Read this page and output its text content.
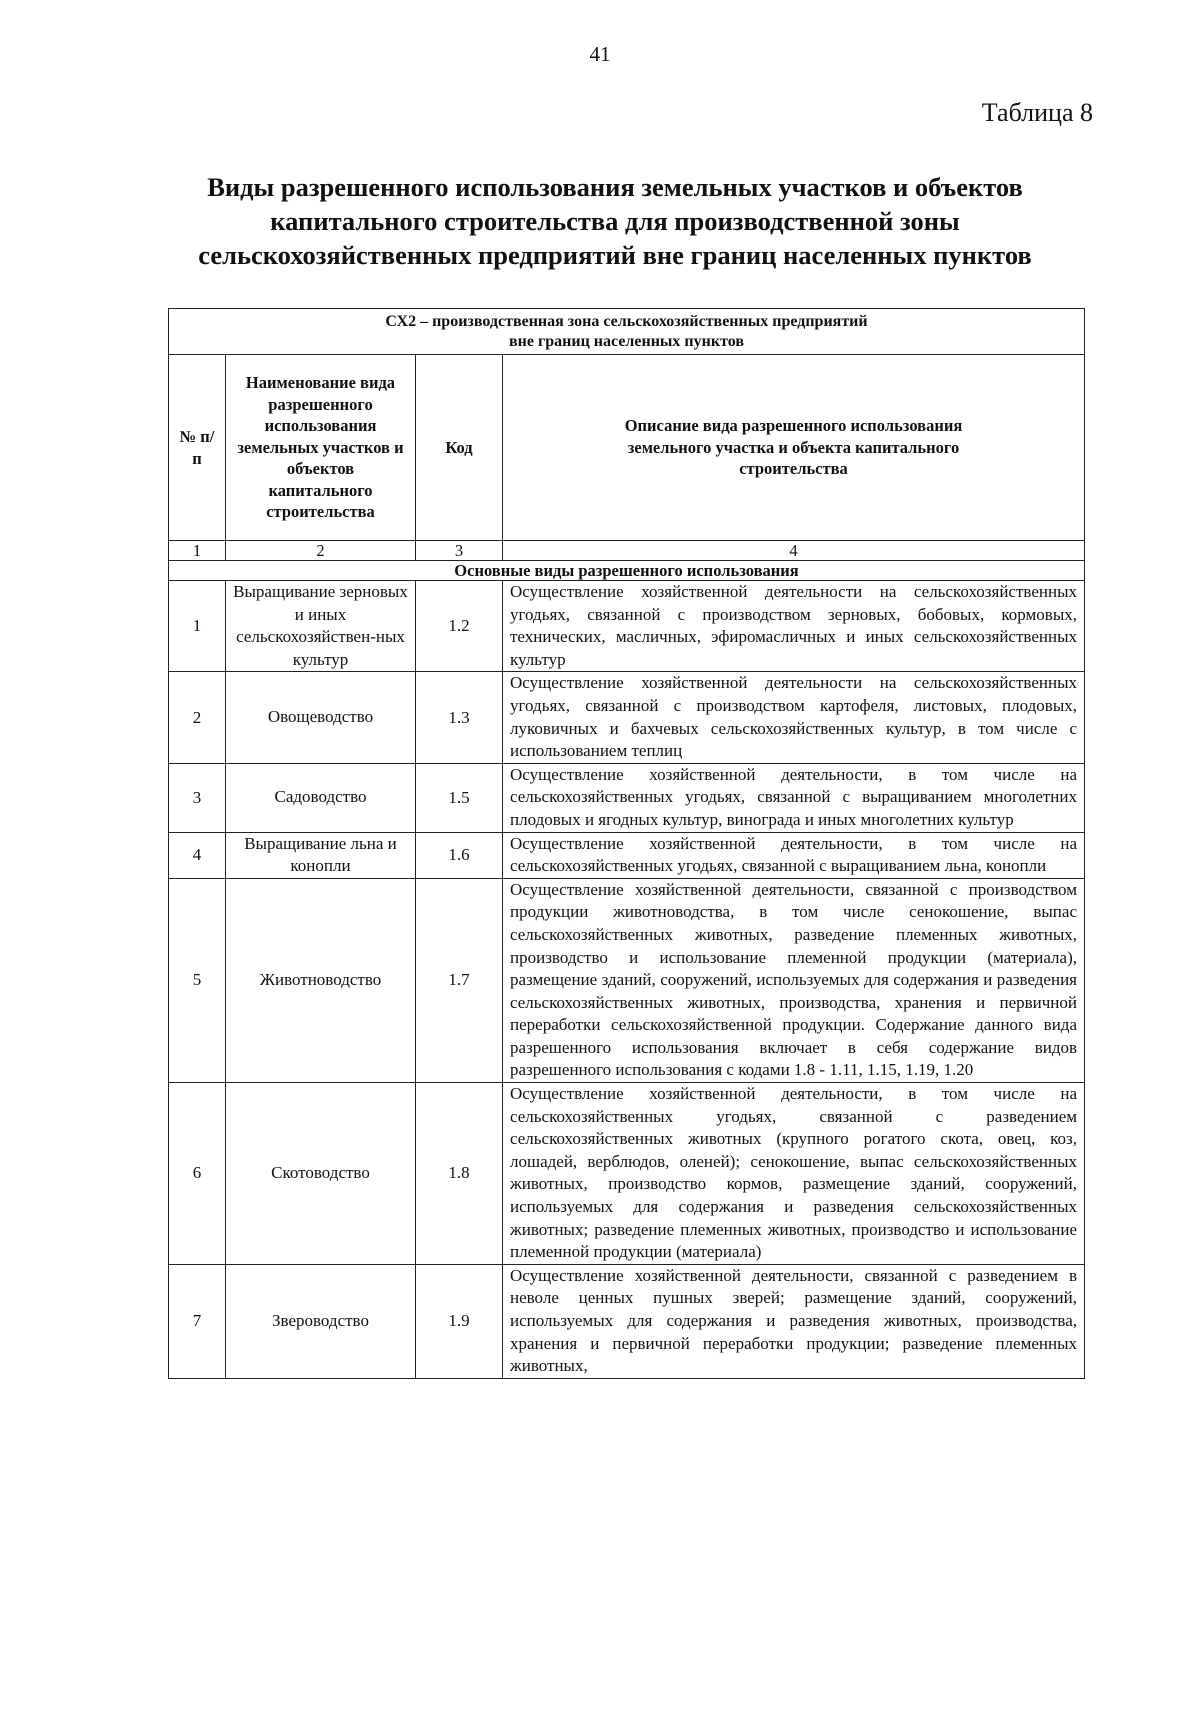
41
Таблица 8
Виды разрешенного использования земельных участков и объектов
капитального строительства для производственной зоны
сельскохозяйственных предприятий вне границ населенных пунктов
СХ2 – производственная зона сельскохозяйственных предприятий
вне границ населенных пунктов			

№ п/п	Наименование вида разрешенного использования земельных участков и объектов капитального строительства	Код	Описание вида разрешенного использования земельного участка и объекта капитального строительства
1	2	3	4
Основные виды разрешенного использования			
1	Выращивание зерновых и иных сельскохозяйствен-ных культур	1.2	Осуществление хозяйственной деятельности на сельскохозяйственных угодьях, связанной с производством зерновых, бобовых, кормовых, технических, масличных, эфиромасличных и иных сельскохозяйственных культур
2	Овощеводство	1.3	Осуществление хозяйственной деятельности на сельскохозяйственных угодьях, связанной с производством картофеля, листовых, плодовых, луковичных и бахчевых сельскохозяйственных культур, в том числе с использованием теплиц
3	Садоводство	1.5	Осуществление хозяйственной деятельности, в том числе на сельскохозяйственных угодьях, связанной с выращиванием многолетних плодовых и ягодных культур, винограда и иных многолетних культур
4	Выращивание льна и конопли	1.6	Осуществление хозяйственной деятельности, в том числе на сельскохозяйственных угодьях, связанной с выращиванием льна, конопли
5	Животноводство	1.7	Осуществление хозяйственной деятельности, связанной с производством продукции животноводства, в том числе сенокошение, выпас сельскохозяйственных животных, разведение племенных животных, производство и использование племенной продукции (материала), размещение зданий, сооружений, используемых для содержания и разведения сельскохозяйственных животных, производства, хранения и первичной переработки сельскохозяйственной продукции. Содержание данного вида разрешенного использования включает в себя содержание видов разрешенного использования с кодами 1.8 - 1.11, 1.15, 1.19, 1.20
6	Скотоводство	1.8	Осуществление хозяйственной деятельности, в том числе на сельскохозяйственных угодьях, связанной с разведением сельскохозяйственных животных (крупного рогатого скота, овец, коз, лошадей, верблюдов, оленей); сенокошение, выпас сельскохозяйственных животных, производство кормов, размещение зданий, сооружений, используемых для содержания и разведения сельскохозяйственных животных; разведение племенных животных, производство и использование племенной продукции (материала)
7	Звероводство	1.9	Осуществление хозяйственной деятельности, связанной с разведением в неволе ценных пушных зверей; размещение зданий, сооружений, используемых для содержания и разведения животных, производства, хранения и первичной переработки продукции; разведение племенных животных,
